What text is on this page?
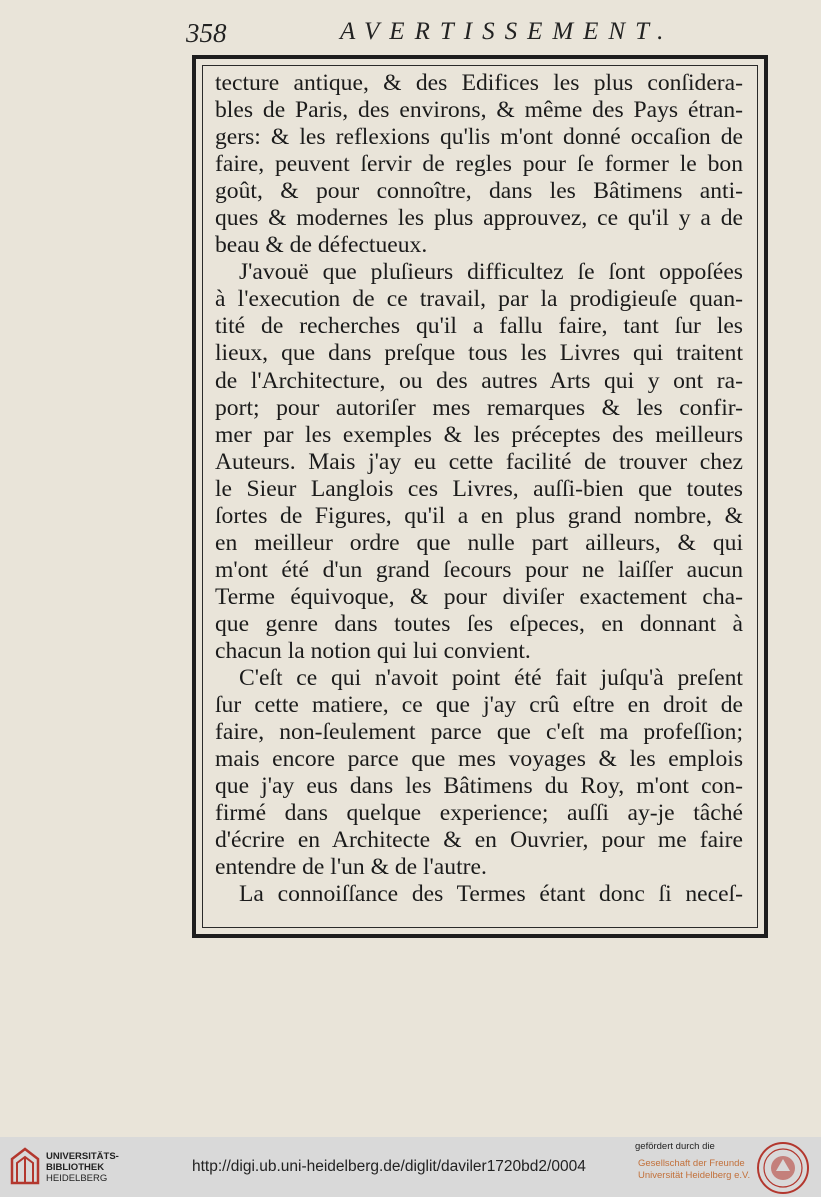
358	AVERTISSEMENT.
tecture antique, & des Edifices les plus conſidera-
bles de Paris, des environs, & même des Pays étran-
gers: & les reflexions qu'lis m'ont donné occaſion de
faire, peuvent ſervir de regles pour ſe former le bon
goût, & pour connoître, dans les Bâtimens anti-
ques & modernes les plus approuvez, ce qu'il y a de
beau & de défectueux.
J'avouë que pluſieurs difficultez ſe ſont oppoſées
à l'execution de ce travail, par la prodigieuſe quan-
tité de recherches qu'il a fallu faire, tant ſur les
lieux, que dans preſque tous les Livres qui traitent
de l'Architecture, ou des autres Arts qui y ont ra-
port; pour autoriſer mes remarques & les confir-
mer par les exemples & les préceptes des meilleurs
Auteurs. Mais j'ay eu cette facilité de trouver chez
le Sieur Langlois ces Livres, auſſi-bien que toutes
ſortes de Figures, qu'il a en plus grand nombre, &
en meilleur ordre que nulle part ailleurs, & qui
m'ont été d'un grand ſecours pour ne laiſſer aucun
Terme équivoque, & pour diviſer exactement cha-
que genre dans toutes ſes eſpeces, en donnant à
chacun la notion qui lui convient.
C'eſt ce qui n'avoit point été fait juſqu'à preſent
ſur cette matiere, ce que j'ay crû eſtre en droit de
faire, non-ſeulement parce que c'eſt ma profeſſion;
mais encore parce que mes voyages & les emplois
que j'ay eus dans les Bâtimens du Roy, m'ont con-
firmé dans quelque experience; auſſi ay-je tâché
d'écrire en Architecte & en Ouvrier, pour me faire
entendre de l'un & de l'autre.
La connoiſſance des Termes étant donc ſi neceſ-
UNIVERSITÄTS-
BIBLIOTHEK
HEIDELBERG
http://digi.ub.uni-heidelberg.de/diglit/daviler1720bd2/0004
gefördert durch die
Gesellschaft der Freunde
Universität Heidelberg e.V.
